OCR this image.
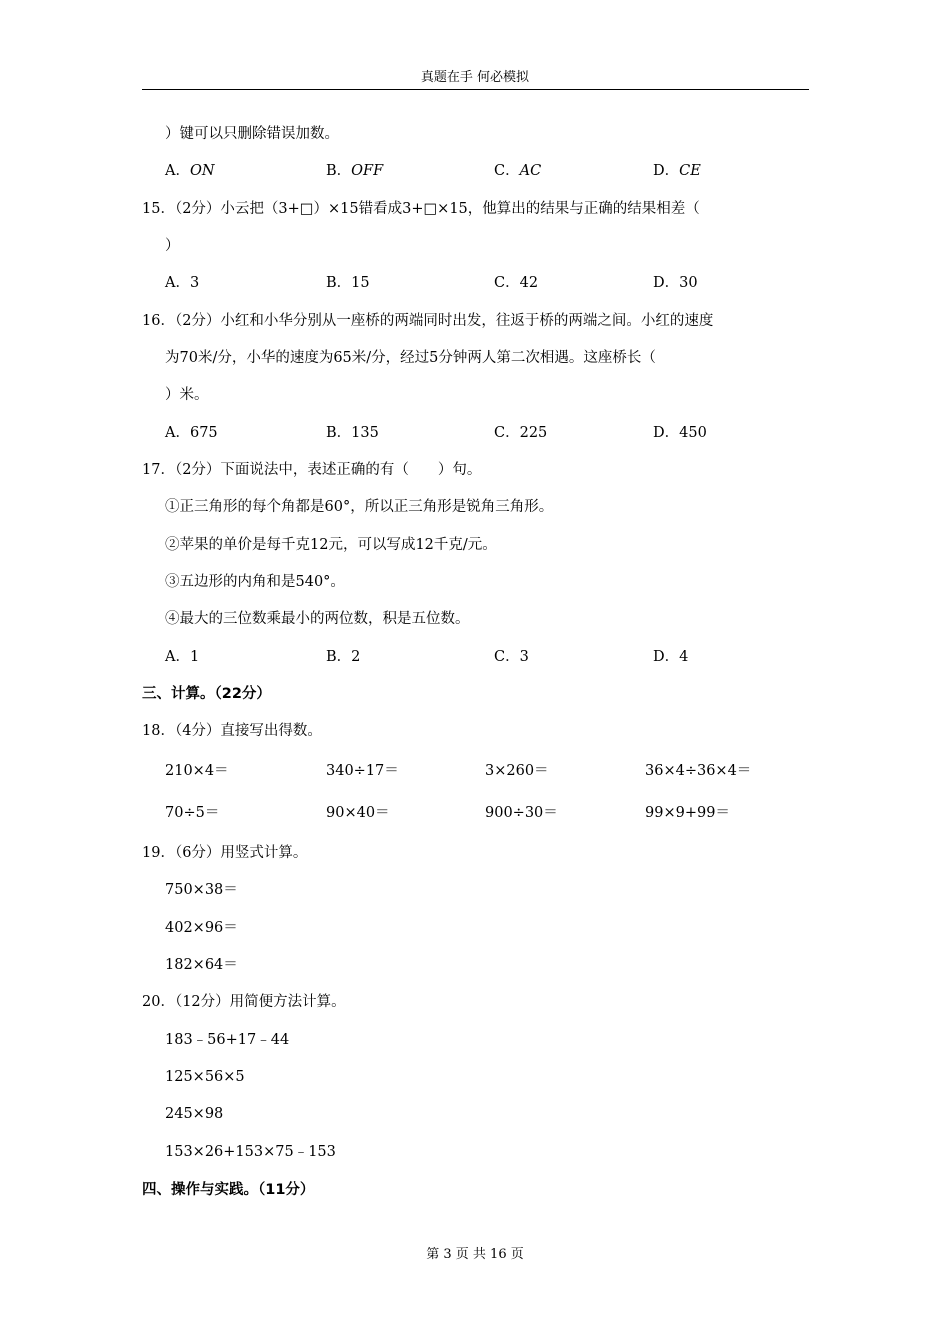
真题在手 何必模拟
）键可以只删除错误加数。
A．ON	B．OFF	C．AC	D．CE
15．（2分）小云把（3+□）×15错看成3+□×15，他算出的结果与正确的结果相差（
）
A．3	B．15	C．42	D．30
16．（2分）小红和小华分别从一座桥的两端同时出发，往返于桥的两端之间。小红的速度
为70米/分，小华的速度为65米/分，经过5分钟两人第二次相遇。这座桥长（
）米。
A．675	B．135	C．225	D．450
17．（2分）下面说法中，表述正确的有（　　）句。
①正三角形的每个角都是60°，所以正三角形是锐角三角形。
②苹果的单价是每千克12元，可以写成12千克/元。
③五边形的内角和是540°。
④最大的三位数乘最小的两位数，积是五位数。
A．1	B．2	C．3	D．4
三、计算。（22分）
18．（4分）直接写出得数。
210×4＝	340÷17＝	3×260＝	36×4÷36×4＝
70÷5＝	90×40＝	900÷30＝	99×9+99＝
19．（6分）用竖式计算。
750×38＝
402×96＝
182×64＝
20．（12分）用简便方法计算。
183﹣56+17﹣44
125×56×5
245×98
153×26+153×75﹣153
四、操作与实践。（11分）
第 3 页 共 16 页
